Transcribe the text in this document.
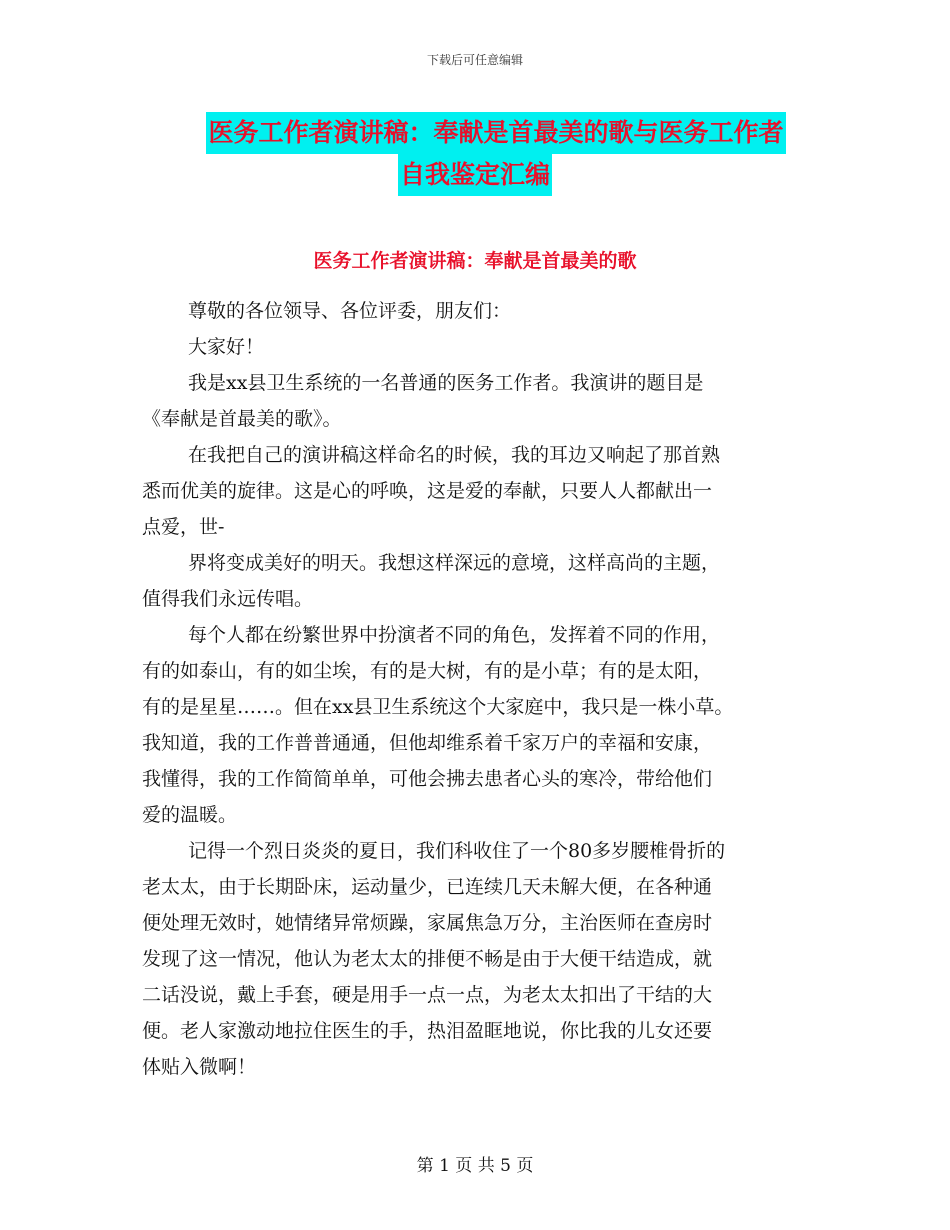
下载后可任意编辑
医务工作者演讲稿：奉献是首最美的歌与医务工作者
自我鉴定汇编
医务工作者演讲稿：奉献是首最美的歌
尊敬的各位领导、各位评委，朋友们：
大家好！
我是xx县卫生系统的一名普通的医务工作者。我演讲的题目是
《奉献是首最美的歌》。
在我把自己的演讲稿这样命名的时候，我的耳边又响起了那首熟
悉而优美的旋律。这是心的呼唤，这是爱的奉献，只要人人都献出一
点爱，世-
界将变成美好的明天。我想这样深远的意境，这样高尚的主题，
值得我们永远传唱。
每个人都在纷繁世界中扮演者不同的角色，发挥着不同的作用，
有的如泰山，有的如尘埃，有的是大树，有的是小草；有的是太阳，
有的是星星……。但在xx县卫生系统这个大家庭中，我只是一株小草。
我知道，我的工作普普通通，但他却维系着千家万户的幸福和安康，
我懂得，我的工作简简单单，可他会拂去患者心头的寒冷，带给他们
爱的温暖。
记得一个烈日炎炎的夏日，我们科收住了一个80多岁腰椎骨折的
老太太，由于长期卧床，运动量少，已连续几天未解大便，在各种通
便处理无效时，她情绪异常烦躁，家属焦急万分，主治医师在查房时
发现了这一情况，他认为老太太的排便不畅是由于大便干结造成，就
二话没说，戴上手套，硬是用手一点一点，为老太太扣出了干结的大
便。老人家激动地拉住医生的手，热泪盈眶地说，你比我的儿女还要
体贴入微啊！
第 1 页 共 5 页
